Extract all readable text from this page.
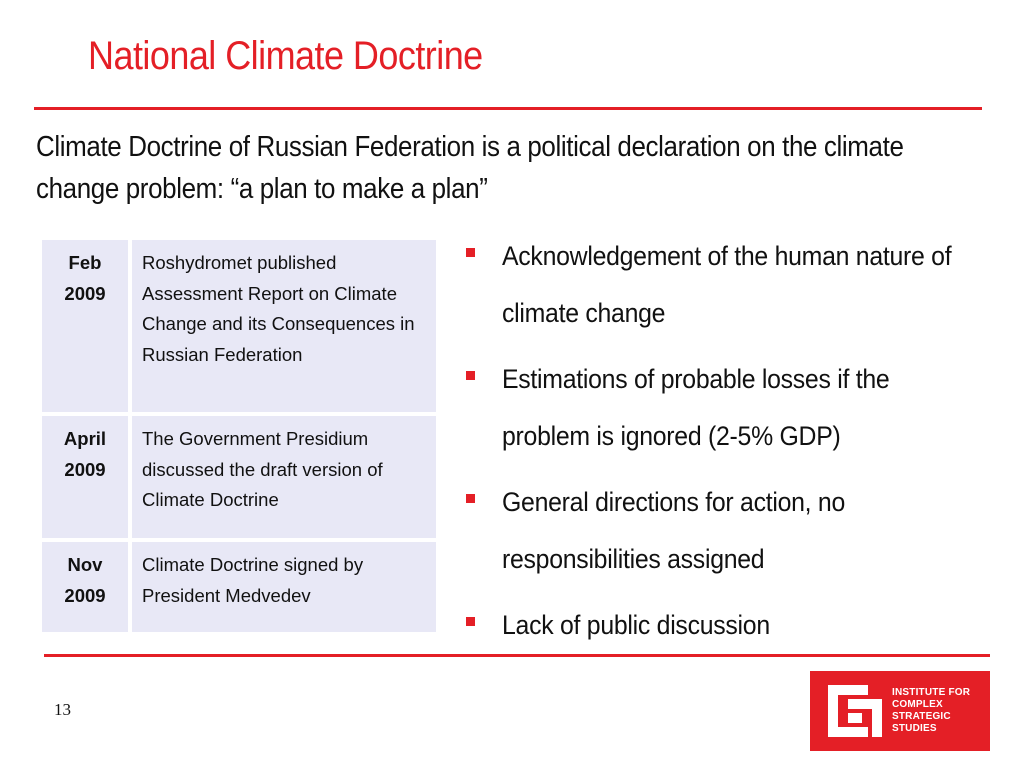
National Climate Doctrine
Climate Doctrine of Russian Federation is a political declaration on the climate change problem: “a plan to make a plan”
Feb
2009	Roshydromet published Assessment Report on Climate Change and its Consequences in Russian Federation

April
2009	The Government Presidium discussed the draft version of Climate Doctrine

Nov
2009	Climate Doctrine signed by President Medvedev
Acknowledgement of the human nature of climate change
Estimations of probable losses if the problem is ignored (2-5% GDP)
General directions for action, no responsibilities assigned
Lack of public discussion
13
INSTITUTE FOR
COMPLEX
STRATEGIC
STUDIES
